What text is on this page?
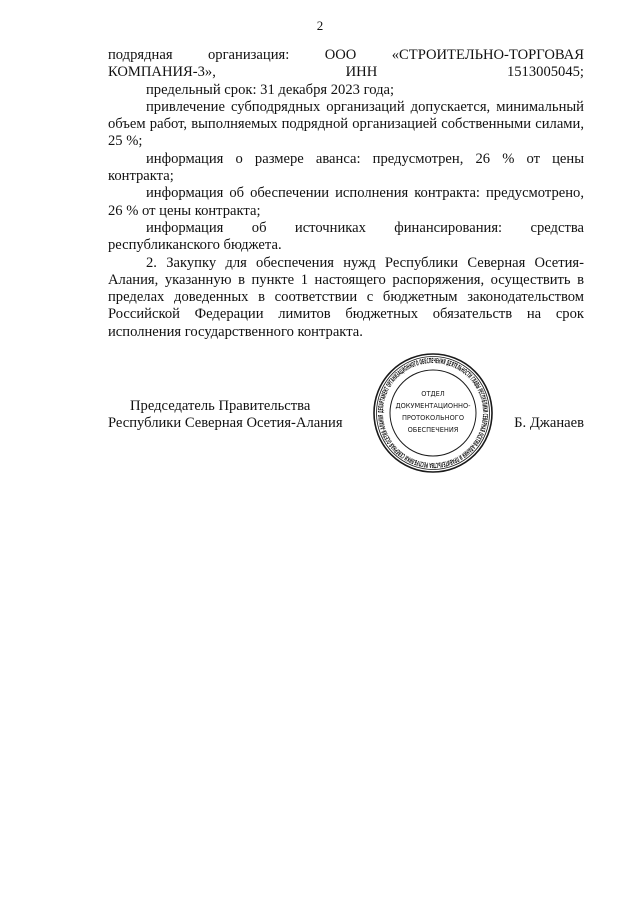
2

подрядная организация: ООО «СТРОИТЕЛЬНО-ТОРГОВАЯ КОМПАНИЯ-3», ИНН 1513005045;

предельный срок: 31 декабря 2023 года;

привлечение субподрядных организаций допускается, минимальный объем работ, выполняемых подрядной организацией собственными силами, 25 %;

информация о размере аванса: предусмотрен, 26 % от цены контракта;

информация об обеспечении исполнения контракта: предусмотрено, 26 % от цены контракта;

информация об источниках финансирования: средства республиканского бюджета.

2. Закупку для обеспечения нужд Республики Северная Осетия-Алания, указанную в пункте 1 настоящего распоряжения, осуществить в пределах доведенных в соответствии с бюджетным законодательством Российской Федерации лимитов бюджетных обязательств на срок исполнения государственного контракта.

Председатель Правительства
Республики Северная Осетия-Алания
ДЕПАРТАМЕНТ ОРГАНИЗАЦИОННОГО ОБЕСПЕЧЕНИЯ ДЕЯТЕЛЬНОСТИ ГЛАВЫ РЕСПУБЛИКИ СЕВЕРНАЯ ОСЕТИЯ-АЛАНИЯ И ПРАВИТЕЛЬСТВА РЕСПУБЛИКИ СЕВЕРНАЯ ОСЕТИЯ-АЛАНИЯ
ОТДЕЛ
ДОКУМЕНТАЦИОННО-
ПРОТОКОЛЬНОГО
ОБЕСПЕЧЕНИЯ	Б. Джанаев
